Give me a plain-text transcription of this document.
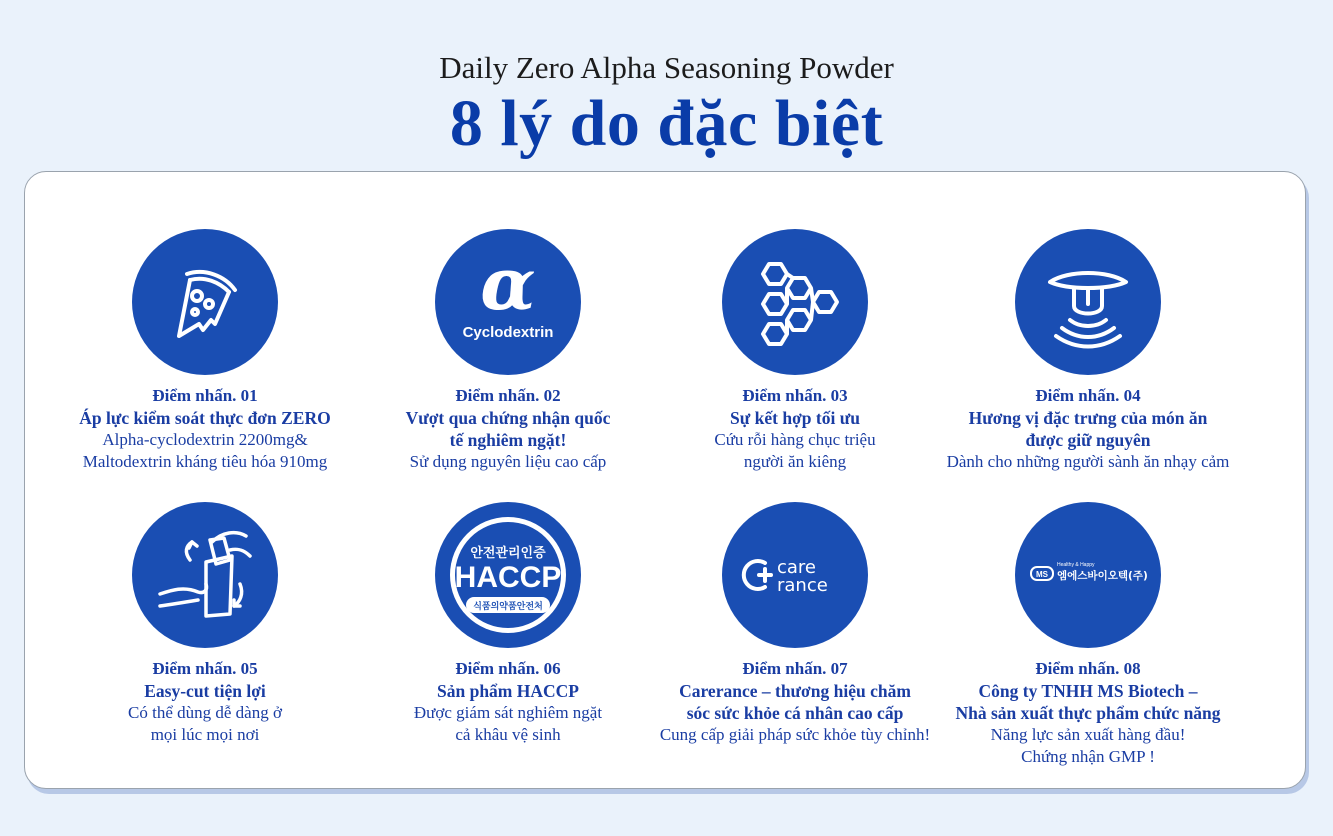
Daily Zero Alpha Seasoning Powder
8 lý do đặc biệt
Điểm nhấn. 01
Áp lực kiểm soát thực đơn ZERO
Alpha-cyclodextrin 2200mg&
Maltodextrin kháng tiêu hóa 910mg
α
Cyclodextrin
Điểm nhấn. 02
Vượt qua chứng nhận quốc
tế nghiêm ngặt!
Sử dụng nguyên liệu cao cấp
Điểm nhấn. 03
Sự kết hợp tối ưu
Cứu rỗi hàng chục triệu
người ăn kiêng
Điểm nhấn. 04
Hương vị đặc trưng của món ăn
được giữ nguyên
Dành cho những người sành ăn nhạy cảm
Điểm nhấn. 05
Easy-cut tiện lợi
Có thể dùng dễ dàng ở
mọi lúc mọi nơi
안전관리인증
HACCP
식품의약품안전처
Điểm nhấn. 06
Sản phẩm HACCP
Được giám sát nghiêm ngặt
cả khâu vệ sinh
care
rance
Điểm nhấn. 07
Carerance – thương hiệu chăm
sóc sức khỏe cá nhân cao cấp
Cung cấp giải pháp sức khỏe tùy chỉnh!
MS
Healthy & Happy
엠에스바이오텍(주)
Điểm nhấn. 08
Công ty TNHH MS Biotech –
Nhà sản xuất thực phẩm chức năng
Năng lực sản xuất hàng đầu!
Chứng nhận GMP !
